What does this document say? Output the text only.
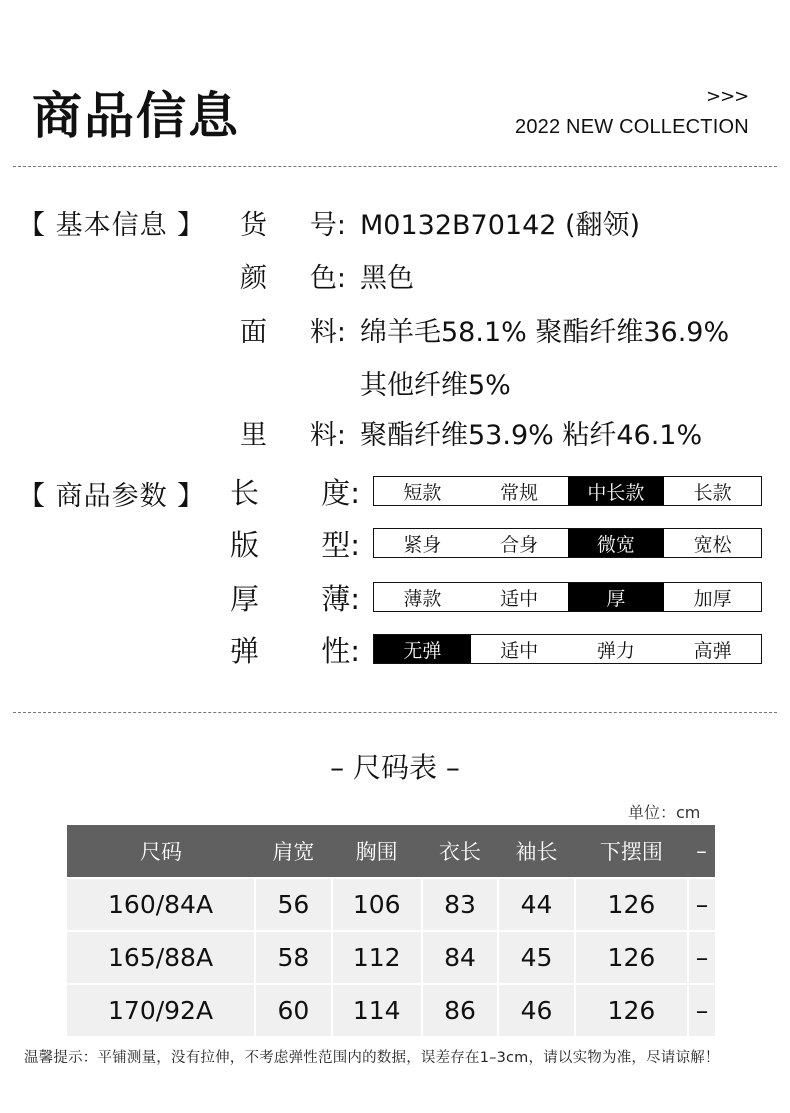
商品信息	>>>
2022 NEW COLLECTION
【 基本信息 】 货 号: M0132B70142 (翻领)
颜 色: 黑色
面 料: 绵羊毛58.1% 聚酯纤维36.9%
其他纤维5%
里 料: 聚酯纤维53.9% 粘纤46.1%
【 商品参数 】 长 度:	短款	常规	中长款	长款
版 型:	紧身	合身	微宽	宽松
厚 薄:	薄款	适中	厚	加厚
弹 性:	无弹	适中	弹力	高弹
– 尺码表 –
单位：cm
尺码	肩宽	胸围	衣长	袖长	下摆围	–
160/84A	56	106	83	44	126	–
165/88A	58	112	84	45	126	–
170/92A	60	114	86	46	126	–
温馨提示：平铺测量，没有拉伸，不考虑弹性范围内的数据，误差存在1–3cm，请以实物为准，尽请谅解！
